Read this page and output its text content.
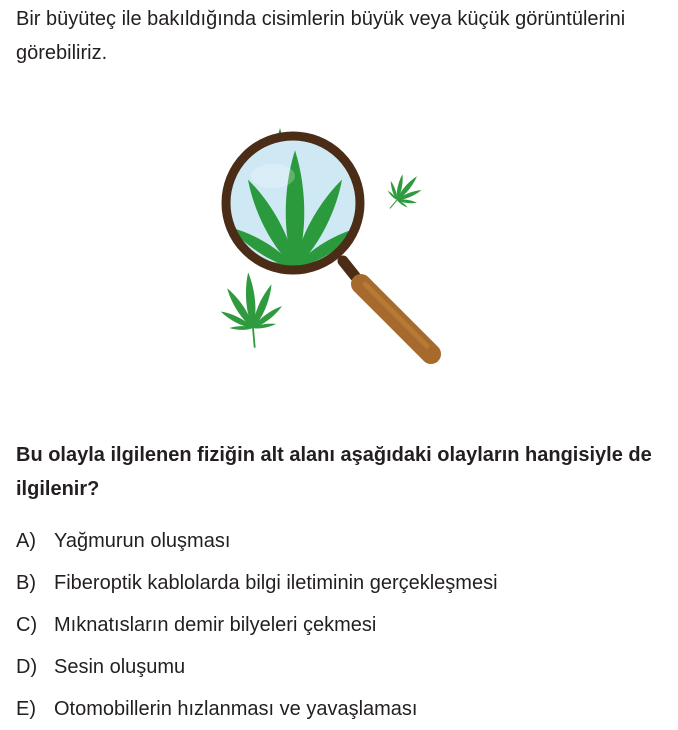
Bir büyüteç ile bakıldığında cisimlerin büyük veya küçük görüntülerini görebiliriz.

Bu olayla ilgilenen fiziğin alt alanı aşağıdaki olayların hangisiyle de ilgilenir?

A) Yağmurun oluşması
B) Fiberoptik kablolarda bilgi iletiminin gerçekleşmesi
C) Mıknatısların demir bilyeleri çekmesi
D) Sesin oluşumu
E) Otomobillerin hızlanması ve yavaşlaması
